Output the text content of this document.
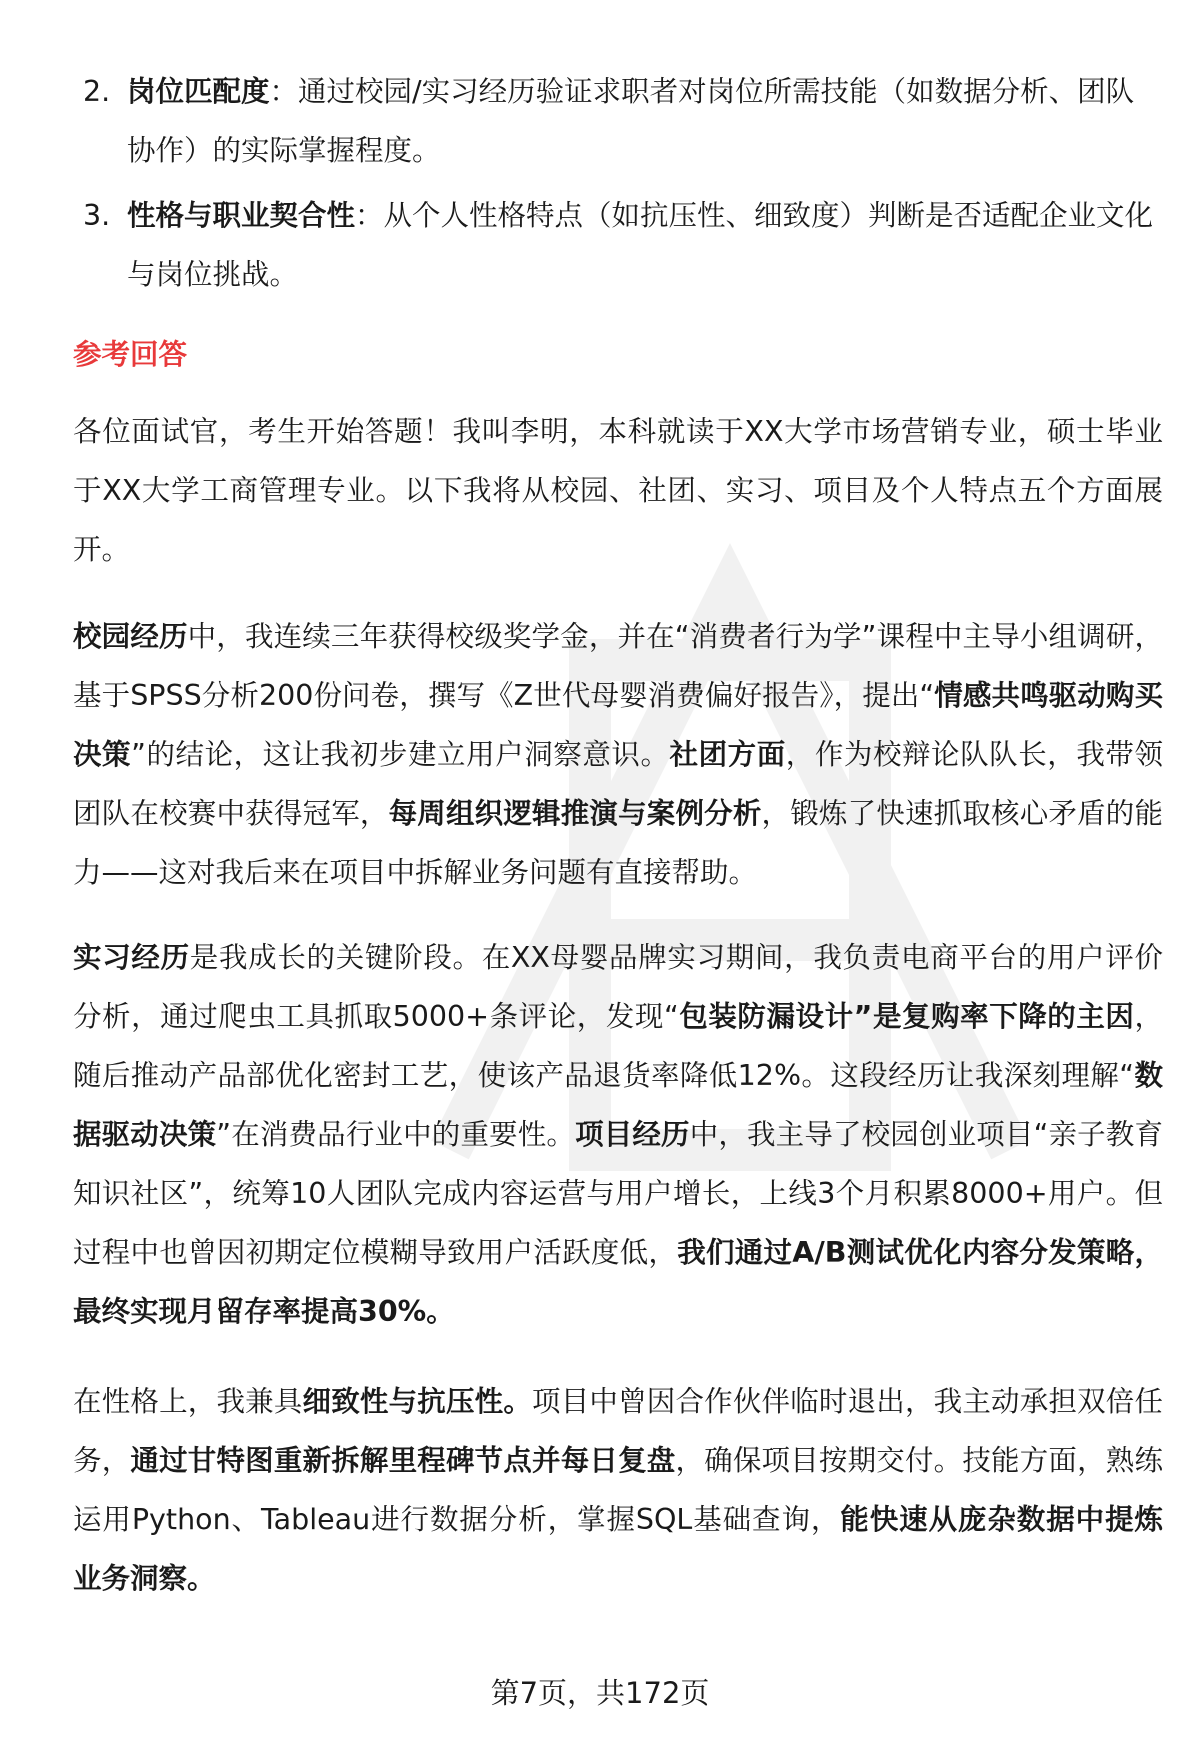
2. 岗位匹配度：通过校园/实习经历验证求职者对岗位所需技能（如数据分析、团队协作）的实际掌握程度。
3. 性格与职业契合性：从个人性格特点（如抗压性、细致度）判断是否适配企业文化与岗位挑战。
参考回答
各位面试官，考生开始答题！我叫李明，本科就读于XX大学市场营销专业，硕士毕业于XX大学工商管理专业。以下我将从校园、社团、实习、项目及个人特点五个方面展开。
校园经历中，我连续三年获得校级奖学金，并在“消费者行为学”课程中主导小组调研，基于SPSS分析200份问卷，撰写《Z世代母婴消费偏好报告》，提出“情感共鸣驱动购买决策”的结论，这让我初步建立用户洞察意识。社团方面，作为校辩论队队长，我带领团队在校赛中获得冠军，每周组织逻辑推演与案例分析，锻炼了快速抓取核心矛盾的能力——这对我后来在项目中拆解业务问题有直接帮助。
实习经历是我成长的关键阶段。在XX母婴品牌实习期间，我负责电商平台的用户评价分析，通过爬虫工具抓取5000+条评论，发现“包装防漏设计”是复购率下降的主因，随后推动产品部优化密封工艺，使该产品退货率降低12%。这段经历让我深刻理解“数据驱动决策”在消费品行业中的重要性。项目经历中，我主导了校园创业项目“亲子教育知识社区”，统筹10人团队完成内容运营与用户增长，上线3个月积累8000+用户。但过程中也曾因初期定位模糊导致用户活跃度低，我们通过A/B测试优化内容分发策略，最终实现月留存率提高30%。
在性格上，我兼具细致性与抗压性。项目中曾因合作伙伴临时退出，我主动承担双倍任务，通过甘特图重新拆解里程碑节点并每日复盘，确保项目按期交付。技能方面，熟练运用Python、Tableau进行数据分析，掌握SQL基础查询，能快速从庞杂数据中提炼业务洞察。
第7页，共172页
